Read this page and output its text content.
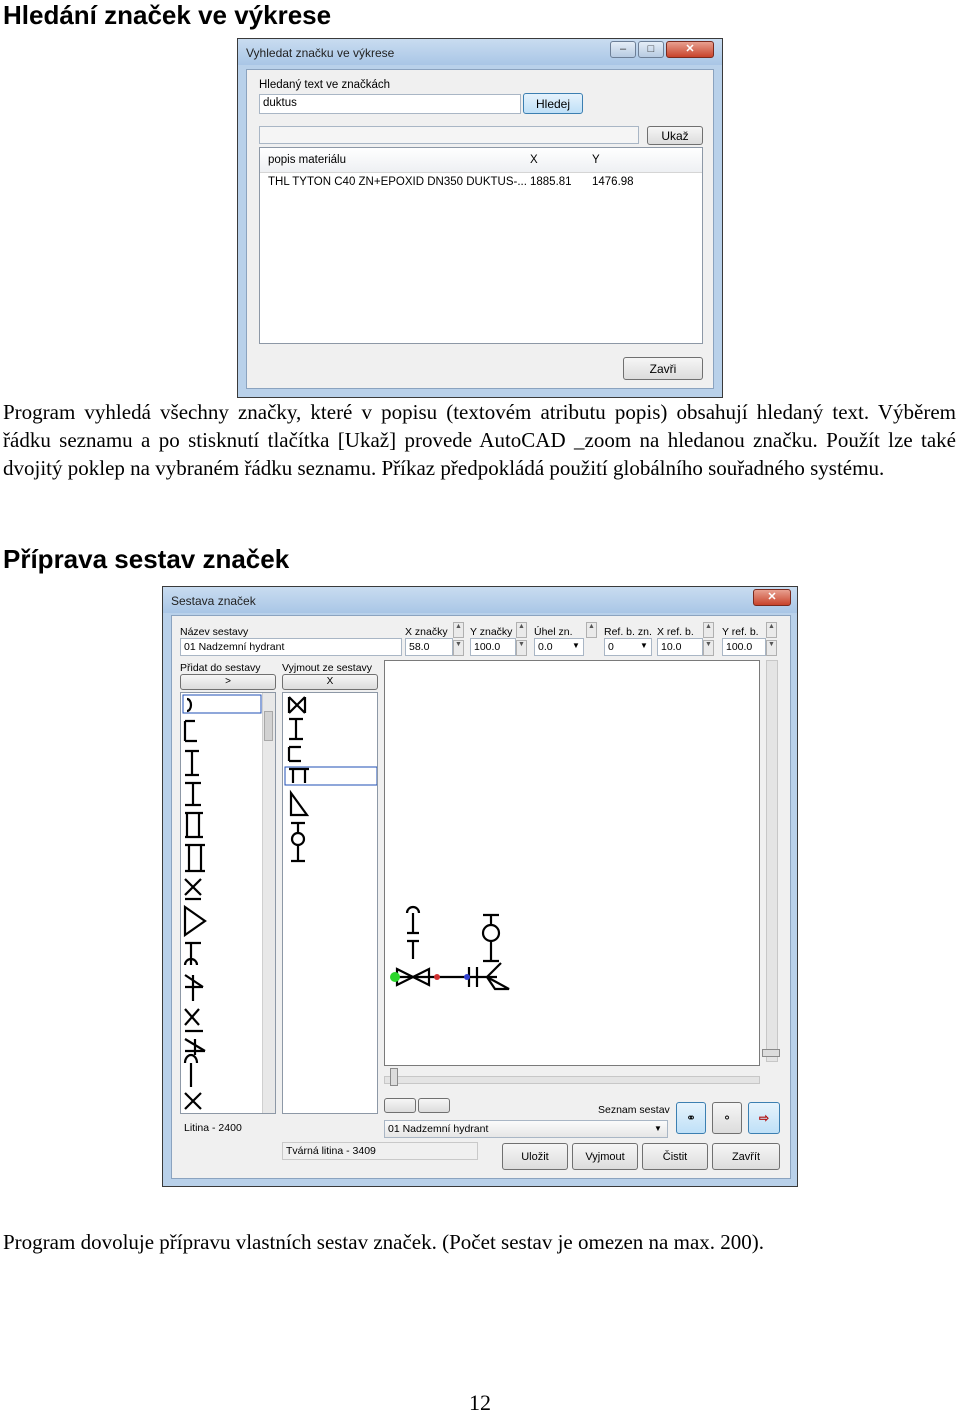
Hledání značek ve výkrese
Vyhledat značku ve výkrese	–	□	✕
Hledaný text ve značkách
duktus	Hledej
Ukaž
popis materiálu	X	Y
THL TYTON C40 ZN+EPOXID DN350 DUKTUS-... 1885.81 1476.98
Zavři

Program vyhledá všechny značky, které v popisu (textovém atributu popis) obsahují hledaný text. Výběrem řádku seznamu a po stisknutí tlačítka [Ukaž] provede AutoCAD _zoom na hledanou značku. Použít lze také dvojitý poklep na vybraném řádku seznamu. Příkaz předpokládá použití globálního souřadného systému.

Příprava sestav značek
Sestava značek	✕
Název sestavy
01 Nadzemní hydrant
X značky
58.0
▲
▼
Y značky
100.0
▲
▼
Úhel zn.
0.0	▼
▲ Ref. b. zn.
0	▼
X ref. b.
10.0
▲
▼
Y ref. b.
100.0
▲
▼
Přidat do sestavy
>
Vyjmout ze sestavy
X
Seznam sestav
⚭	⚬	⇨
Litina - 2400	01 Nadzemní hydrant	▼
Tvárná litina - 3409	Uložit	Vyjmout	Čistit	Zavřít

Program dovoluje přípravu vlastních sestav značek. (Počet sestav je omezen na max. 200).

12
